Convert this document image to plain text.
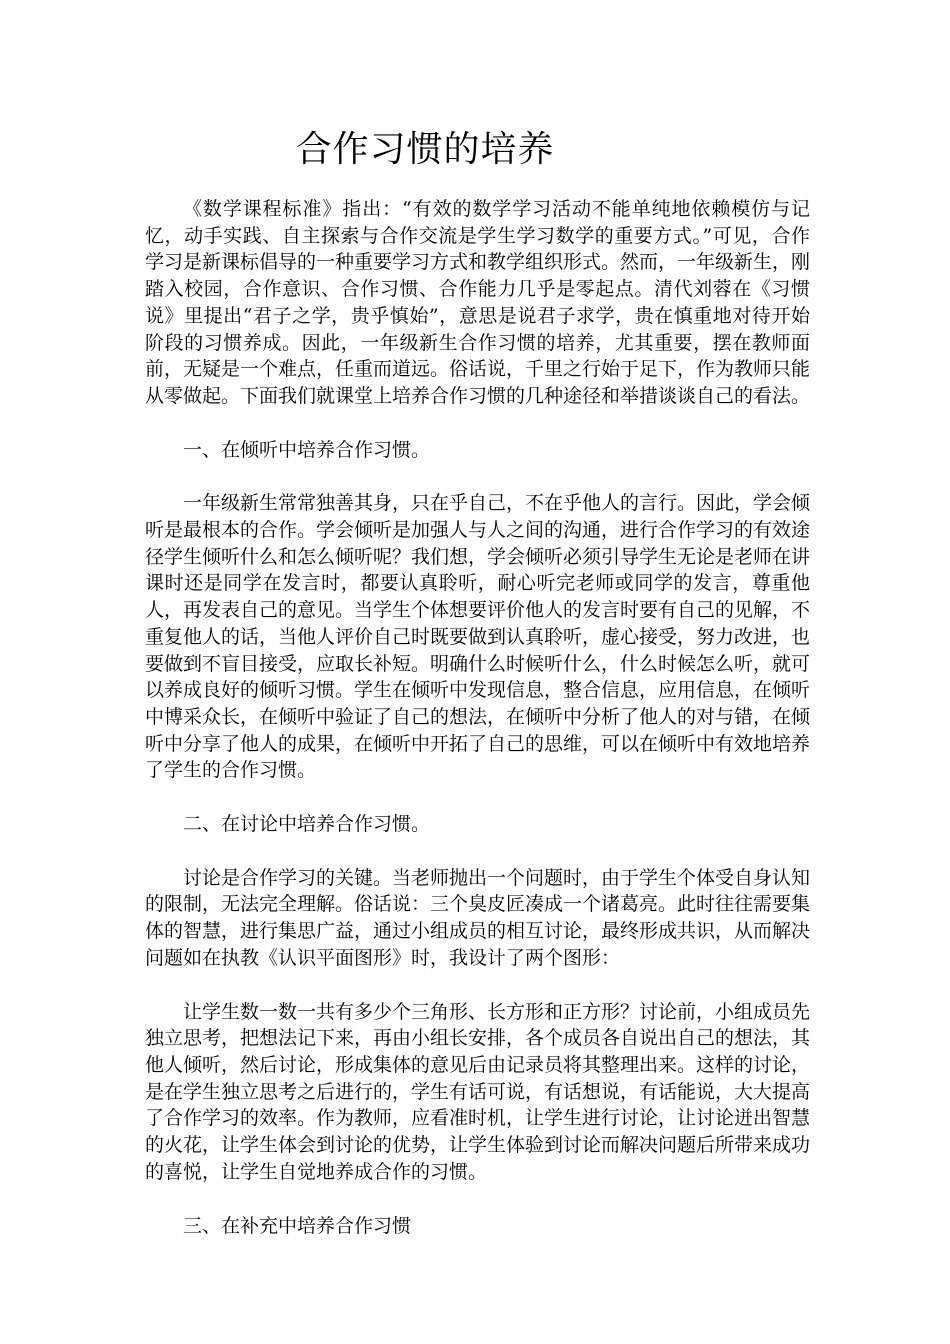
合作习惯的培养

《数学课程标准》指出：“有效的数学学习活动不能单纯地依赖模仿与记忆，动手实践、自主探索与合作交流是学生学习数学的重要方式。”可见，合作学习是新课标倡导的一种重要学习方式和教学组织形式。然而，一年级新生，刚踏入校园，合作意识、合作习惯、合作能力几乎是零起点。清代刘蓉在《习惯说》里提出“君子之学，贵乎慎始”，意思是说君子求学，贵在慎重地对待开始阶段的习惯养成。因此，一年级新生合作习惯的培养，尤其重要，摆在教师面前，无疑是一个难点，任重而道远。俗话说，千里之行始于足下，作为教师只能从零做起。下面我们就课堂上培养合作习惯的几种途径和举措谈谈自己的看法。

一、在倾听中培养合作习惯。

一年级新生常常独善其身，只在乎自己，不在乎他人的言行。因此，学会倾听是最根本的合作。学会倾听是加强人与人之间的沟通，进行合作学习的有效途径学生倾听什么和怎么倾听呢？我们想，学会倾听必须引导学生无论是老师在讲课时还是同学在发言时，都要认真聆听，耐心听完老师或同学的发言，尊重他人，再发表自己的意见。当学生个体想要评价他人的发言时要有自己的见解，不重复他人的话，当他人评价自己时既要做到认真聆听，虚心接受，努力改进，也要做到不盲目接受，应取长补短。明确什么时候听什么，什么时候怎么听，就可以养成良好的倾听习惯。学生在倾听中发现信息，整合信息，应用信息，在倾听中博采众长，在倾听中验证了自己的想法，在倾听中分析了他人的对与错，在倾听中分享了他人的成果，在倾听中开拓了自己的思维，可以在倾听中有效地培养了学生的合作习惯。

二、在讨论中培养合作习惯。

讨论是合作学习的关键。当老师抛出一个问题时，由于学生个体受自身认知的限制，无法完全理解。俗话说：三个臭皮匠凑成一个诸葛亮。此时往往需要集体的智慧，进行集思广益，通过小组成员的相互讨论，最终形成共识，从而解决问题如在执教《认识平面图形》时，我设计了两个图形：

让学生数一数一共有多少个三角形、长方形和正方形？讨论前，小组成员先独立思考，把想法记下来，再由小组长安排，各个成员各自说出自己的想法，其他人倾听，然后讨论，形成集体的意见后由记录员将其整理出来。这样的讨论，是在学生独立思考之后进行的，学生有话可说，有话想说，有话能说，大大提高了合作学习的效率。作为教师，应看准时机，让学生进行讨论，让讨论迸出智慧的火花，让学生体会到讨论的优势，让学生体验到讨论而解决问题后所带来成功的喜悦，让学生自觉地养成合作的习惯。

三、在补充中培养合作习惯
